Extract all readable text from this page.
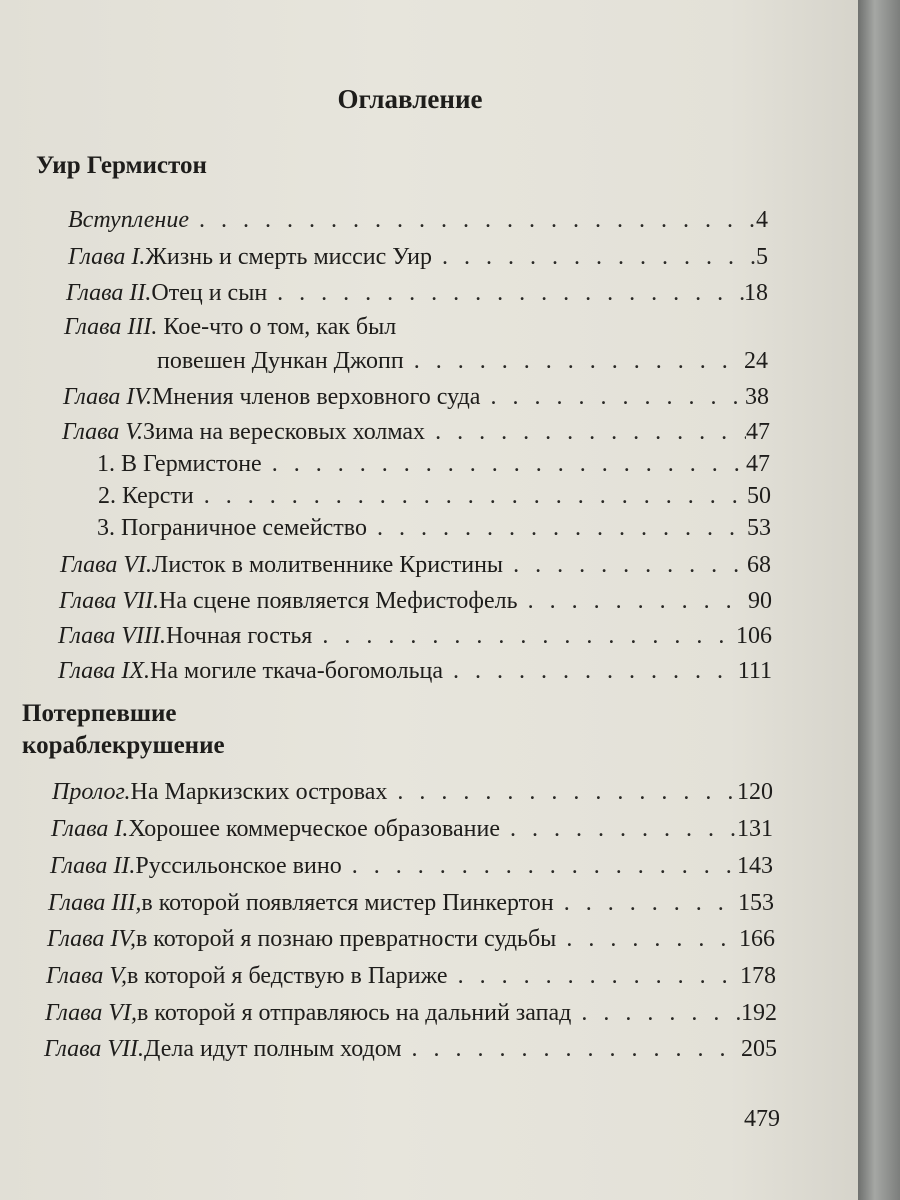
Оглавление
Уир Гермистон
Вступление . . .	4
Глава I. Жизнь и смерть миссис Уир . . .	5
Глава II. Отец и сын . . .	18
Глава III. Кое-что о том, как был
повешен Дункан Джопп . . .	24
Глава IV. Мнения членов верховного суда . . .	38
Глава V. Зима на вересковых холмах . . .	47
1. В Гермистоне . . .	47
2. Керсти . . .	50
3. Пограничное семейство . . .	53
Глава VI. Листок в молитвеннике Кристины . . .	68
Глава VII. На сцене появляется Мефистофель . . .	90
Глава VIII. Ночная гостья . . .	106
Глава IX. На могиле ткача-богомольца . . .	111
Потерпевшие
кораблекрушение
Пролог. На Маркизских островах . . .	120
Глава I. Хорошее коммерческое образование . . .	131
Глава II. Руссильонское вино . . .	143
Глава III, в которой появляется мистер Пинкертон . . .	153
Глава IV, в которой я познаю превратности судьбы . . .	166
Глава V, в которой я бедствую в Париже . . .	178
Глава VI, в которой я отправляюсь на дальний запад . . .	192
Глава VII. Дела идут полным ходом . . .	205
479
